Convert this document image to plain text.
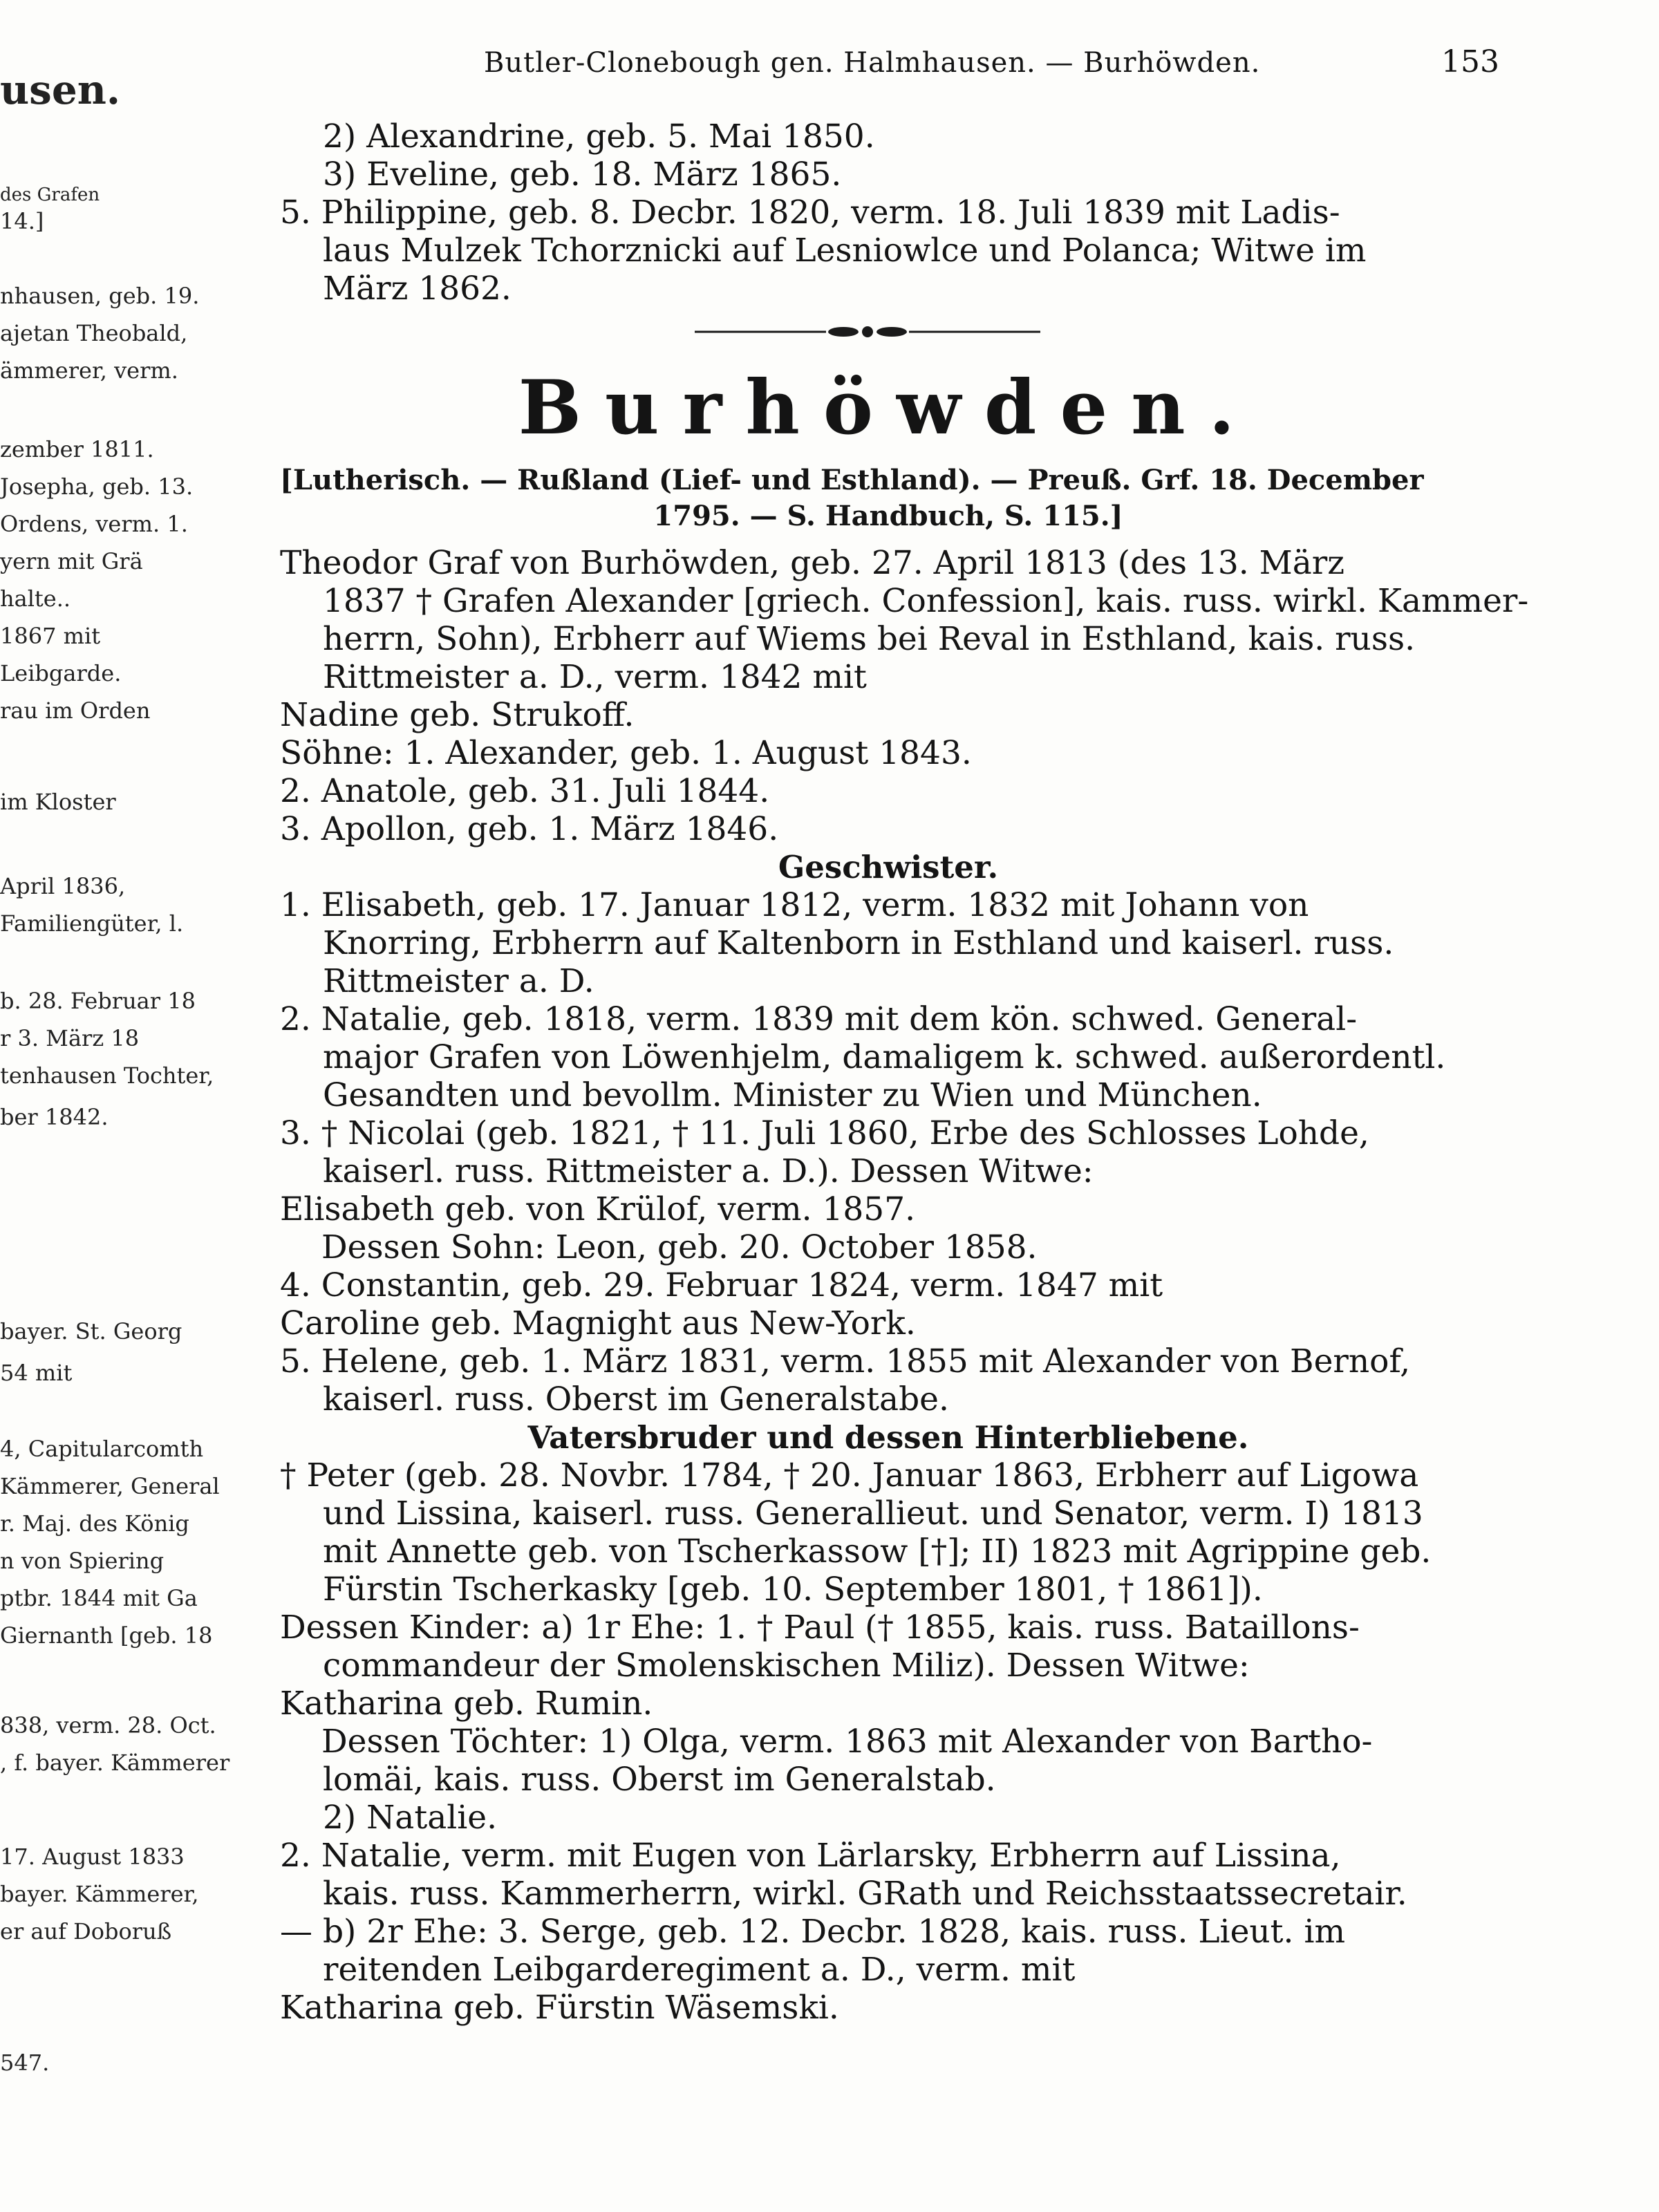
usen.
des Grafen
14.]
nhausen, geb. 19.
ajetan Theobald,
ämmerer, verm.
zember 1811.
Josepha, geb. 13.
Ordens, verm. 1.
yern mit Grä
halte..
1867 mit
Leibgarde.
rau im Orden
im Kloster
April 1836,
Familiengüter, l.
b. 28. Februar 18
r 3. März 18
tenhausen Tochter,
ber 1842.
bayer. St. Georg
54 mit
4, Capitularcomth
Kämmerer, General
r. Maj. des König
n von Spiering
ptbr. 1844 mit Ga
Giernanth [geb. 18
838, verm. 28. Oct.
, f. bayer. Kämmerer
17. August 1833
bayer. Kämmerer,
er auf Doboruß
547.
Butler-Clonebough gen. Halmhausen. — Burhöwden.	153

2) Alexandrine, geb. 5. Mai 1850.

3) Eveline, geb. 18. März 1865.

5. Philippine, geb. 8. Decbr. 1820, verm. 18. Juli 1839 mit Ladis-

laus Mulzek Tchorznicki auf Lesniowlce und Polanca; Witwe im

März 1862.

Burhöwden.

[Lutherisch. — Rußland (Lief- und Esthland). — Preuß. Grf. 18. December

1795. — S. Handbuch, S. 115.]

Theodor Graf von Burhöwden, geb. 27. April 1813 (des 13. März

1837 † Grafen Alexander [griech. Confession], kais. russ. wirkl. Kammer-

herrn, Sohn), Erbherr auf Wiems bei Reval in Esthland, kais. russ.

Rittmeister a. D., verm. 1842 mit

Nadine geb. Strukoff.

Söhne: 1. Alexander, geb. 1. August 1843.

2. Anatole, geb. 31. Juli 1844.

3. Apollon, geb. 1. März 1846.

Geschwister.

1. Elisabeth, geb. 17. Januar 1812, verm. 1832 mit Johann von

Knorring, Erbherrn auf Kaltenborn in Esthland und kaiserl. russ.

Rittmeister a. D.

2. Natalie, geb. 1818, verm. 1839 mit dem kön. schwed. General-

major Grafen von Löwenhjelm, damaligem k. schwed. außerordentl.

Gesandten und bevollm. Minister zu Wien und München.

3. † Nicolai (geb. 1821, † 11. Juli 1860, Erbe des Schlosses Lohde,

kaiserl. russ. Rittmeister a. D.). Dessen Witwe:

Elisabeth geb. von Krülof, verm. 1857.

Dessen Sohn: Leon, geb. 20. October 1858.

4. Constantin, geb. 29. Februar 1824, verm. 1847 mit

Caroline geb. Magnight aus New-York.

5. Helene, geb. 1. März 1831, verm. 1855 mit Alexander von Bernof,

kaiserl. russ. Oberst im Generalstabe.

Vatersbruder und dessen Hinterbliebene.

† Peter (geb. 28. Novbr. 1784, † 20. Januar 1863, Erbherr auf Ligowa

und Lissina, kaiserl. russ. Generallieut. und Senator, verm. I) 1813

mit Annette geb. von Tscherkassow [†]; II) 1823 mit Agrippine geb.

Fürstin Tscherkasky [geb. 10. September 1801, † 1861]).

Dessen Kinder: a) 1r Ehe: 1. † Paul († 1855, kais. russ. Bataillons-

commandeur der Smolenskischen Miliz). Dessen Witwe:

Katharina geb. Rumin.

Dessen Töchter: 1) Olga, verm. 1863 mit Alexander von Bartho-

lomäi, kais. russ. Oberst im Generalstab.

2) Natalie.

2. Natalie, verm. mit Eugen von Lärlarsky, Erbherrn auf Lissina,

kais. russ. Kammerherrn, wirkl. GRath und Reichsstaatssecretair.

— b) 2r Ehe: 3. Serge, geb. 12. Decbr. 1828, kais. russ. Lieut. im

reitenden Leibgarderegiment a. D., verm. mit

Katharina geb. Fürstin Wäsemski.
